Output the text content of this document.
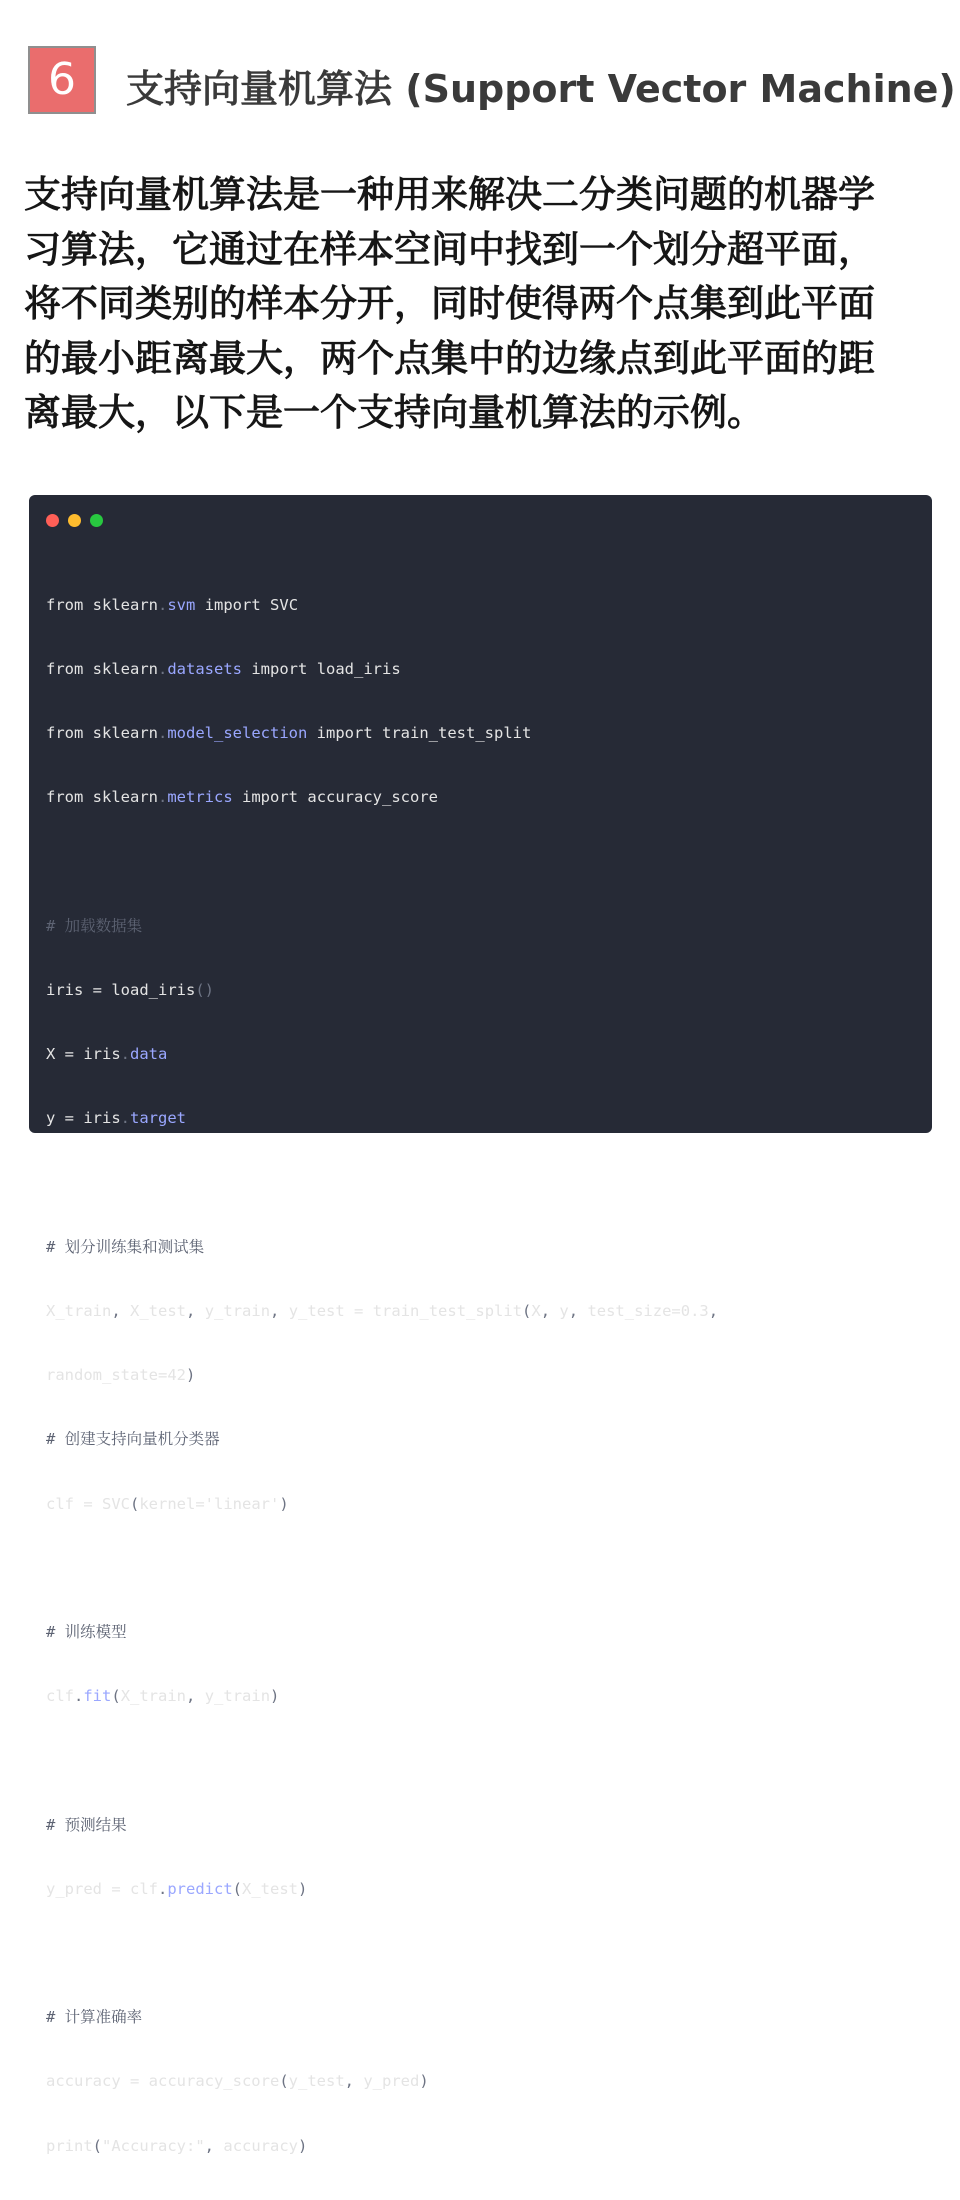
6 支持向量机算法 (Support Vector Machine)
支持向量机算法是一种用来解决二分类问题的机器学
习算法，它通过在样本空间中找到一个划分超平面，
将不同类别的样本分开，同时使得两个点集到此平面
的最小距离最大，两个点集中的边缘点到此平面的距
离最大，以下是一个支持向量机算法的示例。

from sklearn.svm import SVC

from sklearn.datasets import load_iris

from sklearn.model_selection import train_test_split

from sklearn.metrics import accuracy_score

# 加载数据集

iris = load_iris()

X = iris.data

y = iris.target

# 划分训练集和测试集

X_train, X_test, y_train, y_test = train_test_split(X, y, test_size=0.3,

random_state=42)

# 创建支持向量机分类器

clf = SVC(kernel='linear')

# 训练模型

clf.fit(X_train, y_train)

# 预测结果

y_pred = clf.predict(X_test)

# 计算准确率

accuracy = accuracy_score(y_test, y_pred)

print("Accuracy:", accuracy)
